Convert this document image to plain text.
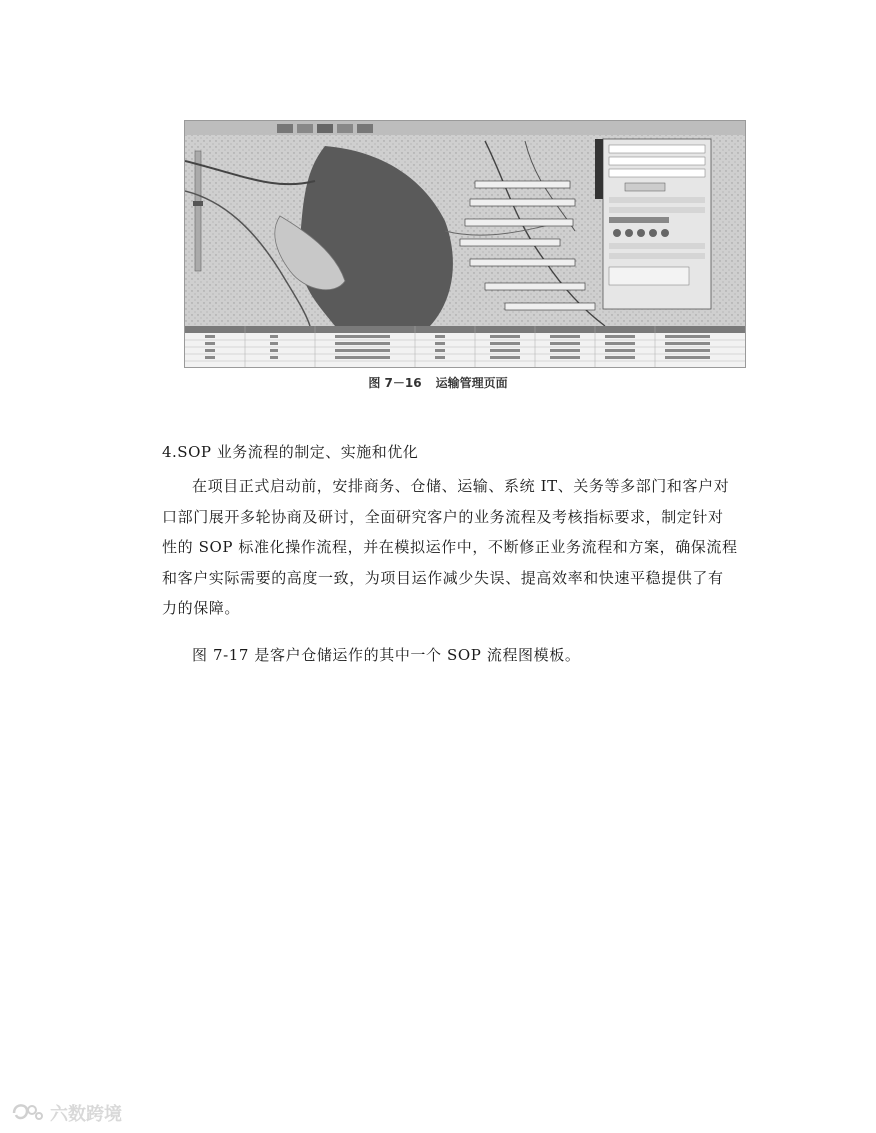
图 7－16 运输管理页面
4.SOP 业务流程的制定、实施和优化
在项目正式启动前，安排商务、仓储、运输、系统 IT、关务等多部门和客户对
口部门展开多轮协商及研讨，全面研究客户的业务流程及考核指标要求，制定针对
性的 SOP 标准化操作流程，并在模拟运作中，不断修正业务流程和方案，确保流程
和客户实际需要的高度一致，为项目运作减少失误、提高效率和快速平稳提供了有
力的保障。
图 7-17 是客户仓储运作的其中一个 SOP 流程图模板。
六数跨境
